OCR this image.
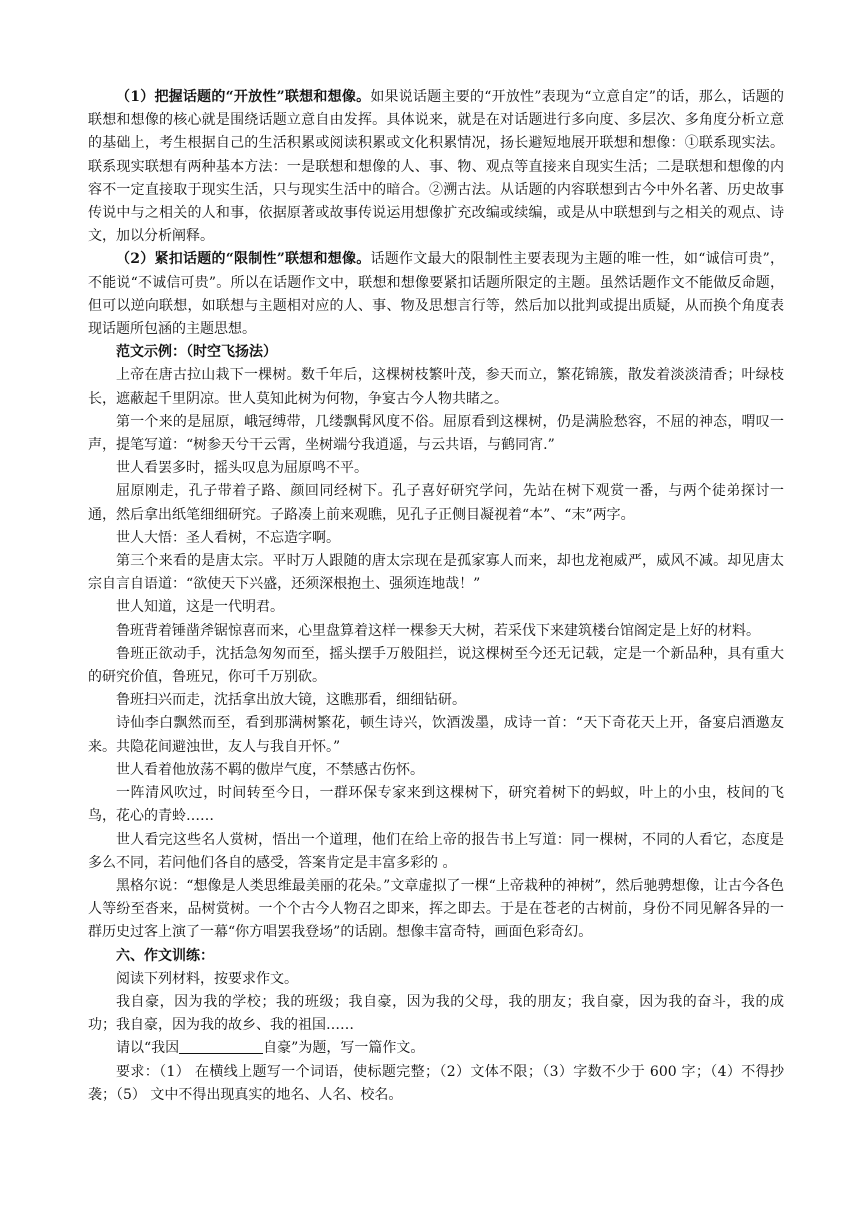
（1）把握话题的“开放性”联想和想像。如果说话题主要的“开放性”表现为“立意自定”的话，那么，话题的联想和想像的核心就是围绕话题立意自由发挥。具体说来，就是在对话题进行多向度、多层次、多角度分析立意的基础上，考生根据自己的生活积累或阅读积累或文化积累情况，扬长避短地展开联想和想像：①联系现实法。联系现实联想有两种基本方法：一是联想和想像的人、事、物、观点等直接来自现实生活；二是联想和想像的内容不一定直接取于现实生活，只与现实生活中的暗合。②溯古法。从话题的内容联想到古今中外名著、历史故事传说中与之相关的人和事，依据原著或故事传说运用想像扩充改编或续编，或是从中联想到与之相关的观点、诗文，加以分析阐释。

（2）紧扣话题的“限制性”联想和想像。话题作文最大的限制性主要表现为主题的唯一性，如“诚信可贵”，不能说“不诚信可贵”。所以在话题作文中，联想和想像要紧扣话题所限定的主题。虽然话题作文不能做反命题，但可以逆向联想，如联想与主题相对应的人、事、物及思想言行等，然后加以批判或提出质疑，从而换个角度表现话题所包涵的主题思想。

范文示例：（时空飞扬法）

上帝在唐古拉山栽下一棵树。数千年后，这棵树枝繁叶茂，参天而立，繁花锦簇，散发着淡淡清香；叶绿枝长，遮蔽起千里阴凉。世人莫知此树为何物，争宴古今人物共睹之。

第一个来的是屈原，峨冠缚带，几缕飘髯风度不俗。屈原看到这棵树，仍是满脸愁容，不屈的神态，喟叹一声，提笔写道：“树参天兮干云霄，坐树端兮我逍遥，与云共语，与鹤同宵.”

世人看罢多时，摇头叹息为屈原鸣不平。

屈原刚走，孔子带着子路、颜回同经树下。孔子喜好研究学问，先站在树下观赏一番，与两个徒弟探讨一通，然后拿出纸笔细细研究。子路凑上前来观瞧，见孔子正侧目凝视着“本”、“末”两字。

世人大悟：圣人看树，不忘造字啊。

第三个来看的是唐太宗。平时万人跟随的唐太宗现在是孤家寡人而来，却也龙袍威严，威风不减。却见唐太宗自言自语道：“欲使天下兴盛，还须深根抱土、强须连地哉！”

世人知道，这是一代明君。

鲁班背着锤凿斧锯惊喜而来，心里盘算着这样一棵参天大树，若采伐下来建筑楼台馆阁定是上好的材料。

鲁班正欲动手，沈括急匆匆而至，摇头摆手万般阻拦，说这棵树至今还无记载，定是一个新品种，具有重大的研究价值，鲁班兄，你可千万别砍。

鲁班扫兴而走，沈括拿出放大镜，这瞧那看，细细钻研。

诗仙李白飘然而至，看到那满树繁花，顿生诗兴，饮酒泼墨，成诗一首：“天下奇花天上开，备宴启酒邀友来。共隐花间避浊世，友人与我自开怀。”

世人看着他放荡不羁的傲岸气度，不禁感古伤怀。

一阵清风吹过，时间转至今日，一群环保专家来到这棵树下，研究着树下的蚂蚁，叶上的小虫，枝间的飞鸟，花心的青蛉……

世人看完这些名人赏树，悟出一个道理，他们在给上帝的报告书上写道：同一棵树，不同的人看它，态度是多么不同，若问他们各自的感受，答案肯定是丰富多彩的 。

黑格尔说：“想像是人类思维最美丽的花朵。”文章虚拟了一棵“上帝栽种的神树”，然后驰骋想像，让古今各色人等纷至沓来，品树赏树。一个个古今人物召之即来，挥之即去。于是在苍老的古树前，身份不同见解各异的一群历史过客上演了一幕“你方唱罢我登场”的话剧。想像丰富奇特，画面色彩奇幻。

六、作文训练：

阅读下列材料，按要求作文。

我自豪，因为我的学校；我的班级；我自豪，因为我的父母，我的朋友；我自豪，因为我的奋斗，我的成功；我自豪，因为我的故乡、我的祖国……

请以“我因	自豪”为题，写一篇作文。

要求：（1） 在横线上题写一个词语，使标题完整；（2）文体不限；（3）字数不少于 600 字；（4）不得抄袭；（5） 文中不得出现真实的地名、人名、校名。
